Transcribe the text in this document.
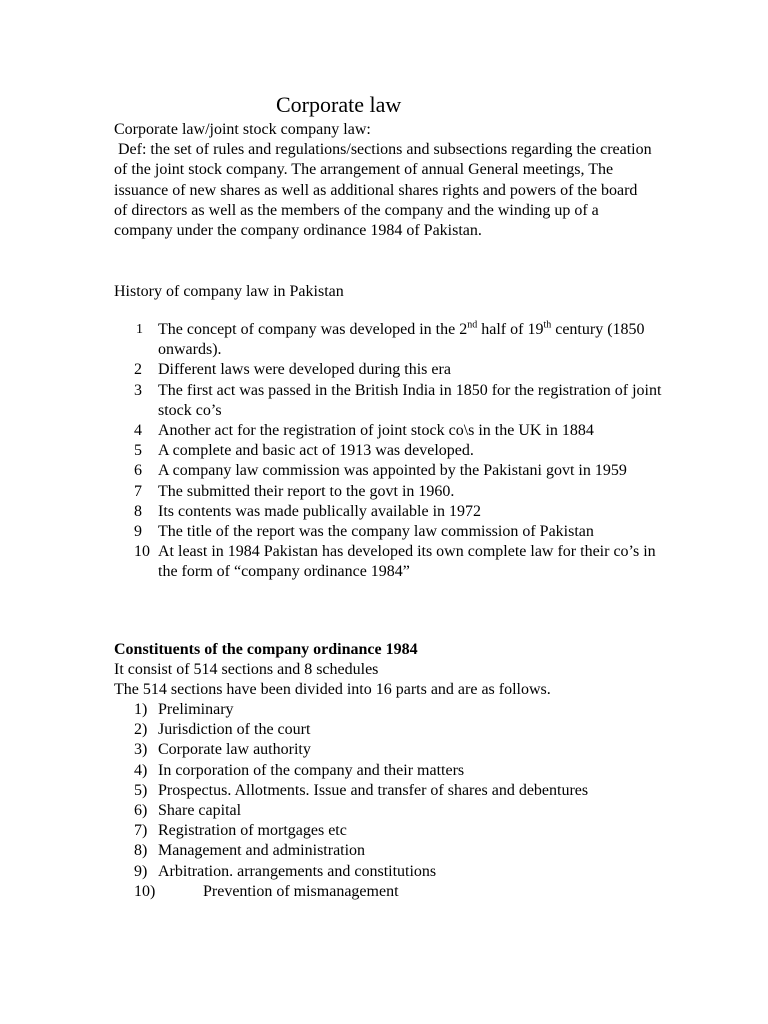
Corporate law
Corporate law/joint stock company law:
Def: the set of rules and regulations/sections and subsections regarding the creation of the joint stock company. The arrangement of annual General meetings, The issuance of new shares as well as additional shares rights and powers of the board of directors as well as the members of the company and the winding up of a company under the company ordinance 1984 of Pakistan.
History of company law in Pakistan
1 The concept of company was developed in the 2nd half of 19th century (1850 onwards).
2 Different laws were developed during this era
3 The first act was passed in the British India in 1850 for the registration of joint stock co’s
4 Another act for the registration of joint stock co\s in the UK in 1884
5 A complete and basic act of 1913 was developed.
6 A company law commission was appointed by the Pakistani govt in 1959
7 The submitted their report to the govt in 1960.
8 Its contents was made publically available in 1972
9 The title of the report was the company law commission of Pakistan
10 At least in 1984 Pakistan has developed its own complete law for their co’s in the form of “company ordinance 1984”
Constituents of the company ordinance 1984
It consist of 514 sections and 8 schedules
The 514 sections have been divided into 16 parts and are as follows.
1) Preliminary
2) Jurisdiction of the court
3) Corporate law authority
4) In corporation of the company and their matters
5) Prospectus. Allotments. Issue and transfer of shares and debentures
6) Share capital
7) Registration of mortgages etc
8) Management and administration
9) Arbitration. arrangements and constitutions
10)	Prevention of mismanagement
